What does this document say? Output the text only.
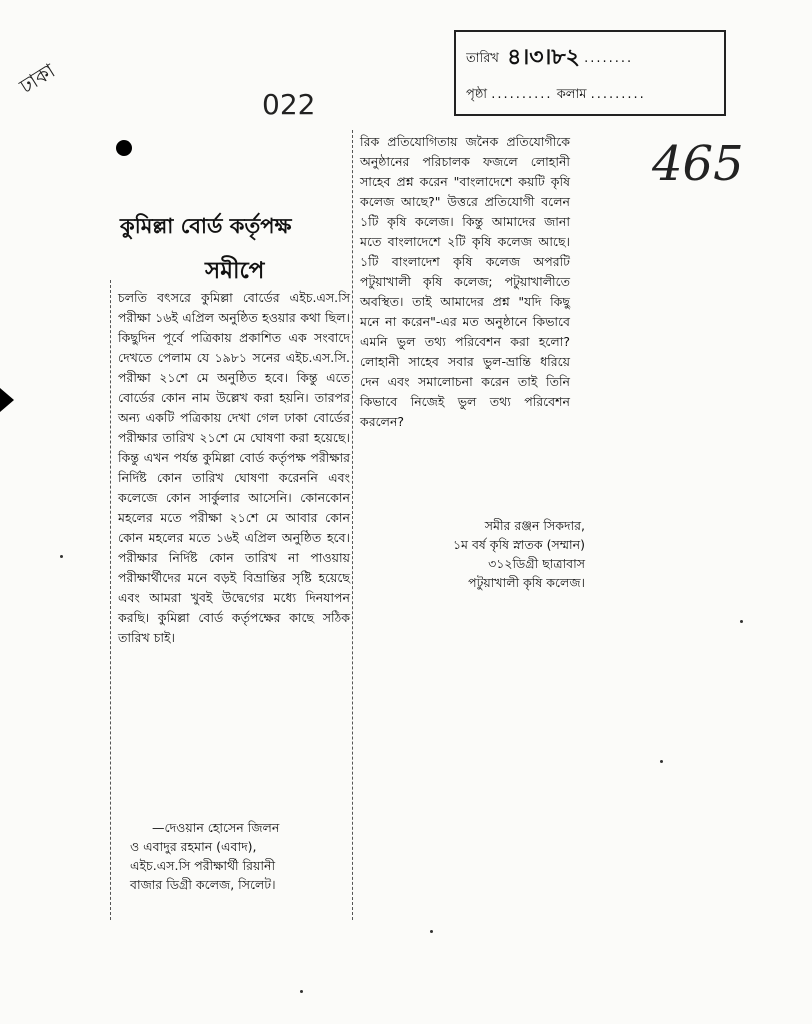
ঢাকা
022
তারিখ ৪।৩।৮২ ........
পৃষ্ঠা .......... কলাম .........
465
কুমিল্লা বোর্ড কর্তৃপক্ষ
সমীপে

চলতি বৎসরে কুমিল্লা বোর্ডের এইচ.এস.সি পরীক্ষা ১৬ই এপ্রিল অনুষ্ঠিত হওয়ার কথা ছিল। কিছুদিন পূর্বে পত্রিকায় প্রকাশিত এক সংবাদে দেখতে পেলাম যে ১৯৮১ সনের এইচ.এস.সি. পরীক্ষা ২১শে মে অনুষ্ঠিত হবে। কিন্তু এতে বোর্ডের কোন নাম উল্লেখ করা হয়নি। তারপর অন্য একটি পত্রিকায় দেখা গেল ঢাকা বোর্ডের পরীক্ষার তারিখ ২১শে মে ঘোষণা করা হয়েছে। কিন্তু এখন পর্যন্ত কুমিল্লা বোর্ড কর্তৃপক্ষ পরীক্ষার নির্দিষ্ট কোন তারিখ ঘোষণা করেননি এবং কলেজে কোন সার্কুলার আসেনি। কোনকোন মহলের মতে পরীক্ষা ২১শে মে আবার কোন কোন মহলের মতে ১৬ই এপ্রিল অনুষ্ঠিত হবে। পরীক্ষার নির্দিষ্ট কোন তারিখ না পাওয়ায় পরীক্ষার্থীদের মনে বড়ই বিভ্রান্তির সৃষ্টি হয়েছে এবং আমরা খুবই উদ্বেগের মধ্যে দিনযাপন করছি। কুমিল্লা বোর্ড কর্তৃপক্ষের কাছে সঠিক তারিখ চাই।

—দেওয়ান হোসেন জিলন
ও এবাদুর রহমান (এবাদ),
এইচ.এস.সি পরীক্ষার্থী রিয়ানী
বাজার ডিগ্রী কলেজ, সিলেট।

রিক প্রতিযোগিতায় জনৈক প্রতিযোগীকে অনুষ্ঠানের পরিচালক ফজলে লোহানী সাহেব প্রশ্ন করেন "বাংলাদেশে কয়টি কৃষি কলেজ আছে?" উত্তরে প্রতিযোগী বলেন ১টি কৃষি কলেজ। কিন্তু আমাদের জানা মতে বাংলাদেশে ২টি কৃষি কলেজ আছে। ১টি বাংলাদেশ কৃষি কলেজ অপরটি পটুয়াখালী কৃষি কলেজ; পটুয়াখালীতে অবস্থিত। তাই আমাদের প্রশ্ন "যদি কিছু মনে না করেন"-এর মত অনুষ্ঠানে কিভাবে এমনি ভুল তথ্য পরিবেশন করা হলো? লোহানী সাহেব সবার ভুল-ভ্রান্তি ধরিয়ে দেন এবং সমালোচনা করেন তাই তিনি কিভাবে নিজেই ভুল তথ্য পরিবেশন করলেন?

সমীর রঞ্জন সিকদার,
১ম বর্ষ কৃষি স্নাতক (সম্মান)
৩১২ডিগ্রী ছাত্রাবাস
পটুয়াখালী কৃষি কলেজ।
